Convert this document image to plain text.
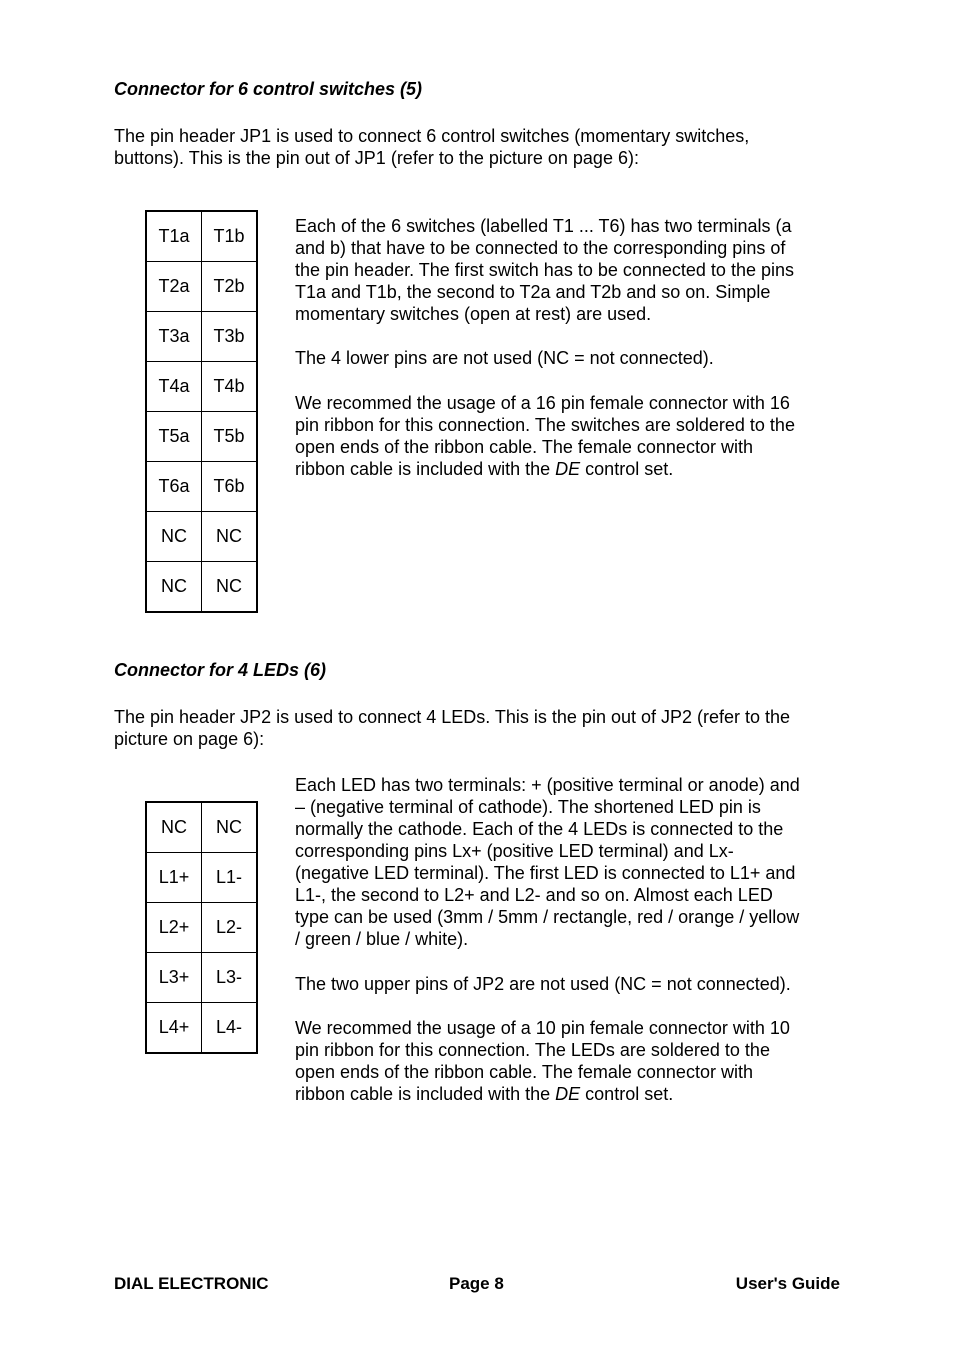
Connector for 6 control switches (5)
The pin header JP1 is used to connect 6 control switches (momentary switches,
buttons). This is the pin out of JP1 (refer to the picture on page 6):
T1a	T1b
T2a	T2b
T3a	T3b
T4a	T4b
T5a	T5b
T6a	T6b
NC	NC
NC	NC
Each of the 6 switches (labelled T1 ... T6) has two terminals (a
and b) that have to be connected to the corresponding pins of
the pin header. The first switch has to be connected to the pins
T1a and T1b, the second to T2a and T2b and so on. Simple
momentary switches (open at rest) are used.
The 4 lower pins are not used (NC = not connected).
We recommed the usage of a 16 pin female connector with 16
pin ribbon for this connection. The switches are soldered to the
open ends of the ribbon cable. The female connector with
ribbon cable is included with the DE control set.
Connector for 4 LEDs (6)
The pin header JP2 is used to connect 4 LEDs. This is the pin out of JP2 (refer to the
picture on page 6):
NC	NC
L1+	L1-
L2+	L2-
L3+	L3-
L4+	L4-
Each LED has two terminals: + (positive terminal or anode) and
– (negative terminal of cathode). The shortened LED pin is
normally the cathode. Each of the 4 LEDs is connected to the
corresponding pins Lx+ (positive LED terminal) and Lx-
(negative LED terminal). The first LED is connected to L1+ and
L1-, the second to L2+ and L2- and so on. Almost each LED
type can be used (3mm / 5mm / rectangle, red / orange / yellow
/ green / blue / white).
The two upper pins of JP2 are not used (NC = not connected).
We recommed the usage of a 10 pin female connector with 10
pin ribbon for this connection. The LEDs are soldered to the
open ends of the ribbon cable. The female connector with
ribbon cable is included with the DE control set.
DIAL ELECTRONIC	Page 8	User's Guide
